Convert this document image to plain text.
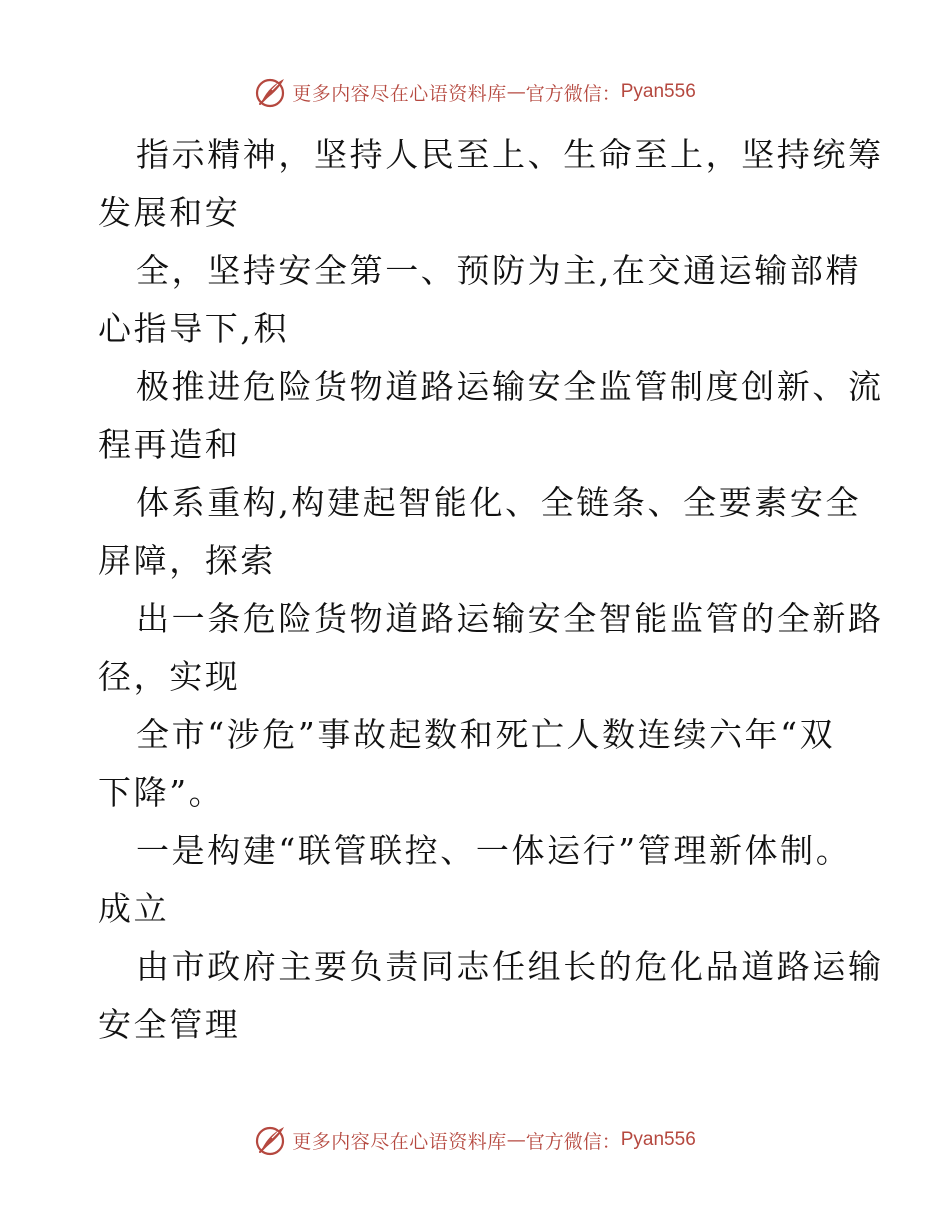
更多内容尽在心语资料库 — 官方微信： Pyan556

指示精神，坚持人民至上、生命至上，坚持统筹

发展和安

全，坚持安全第一、预防为主,在交通运输部精

心指导下,积

极推进危险货物道路运输安全监管制度创新、流

程再造和

体系重构,构建起智能化、全链条、全要素安全

屏障，探索

出一条危险货物道路运输安全智能监管的全新路

径，实现

全市“涉危”事故起数和死亡人数连续六年“双

下降”。

一是构建“联管联控、一体运行”管理新体制。

成立

由市政府主要负责同志任组长的危化品道路运输

安全管理

更多内容尽在心语资料库 — 官方微信： Pyan556
